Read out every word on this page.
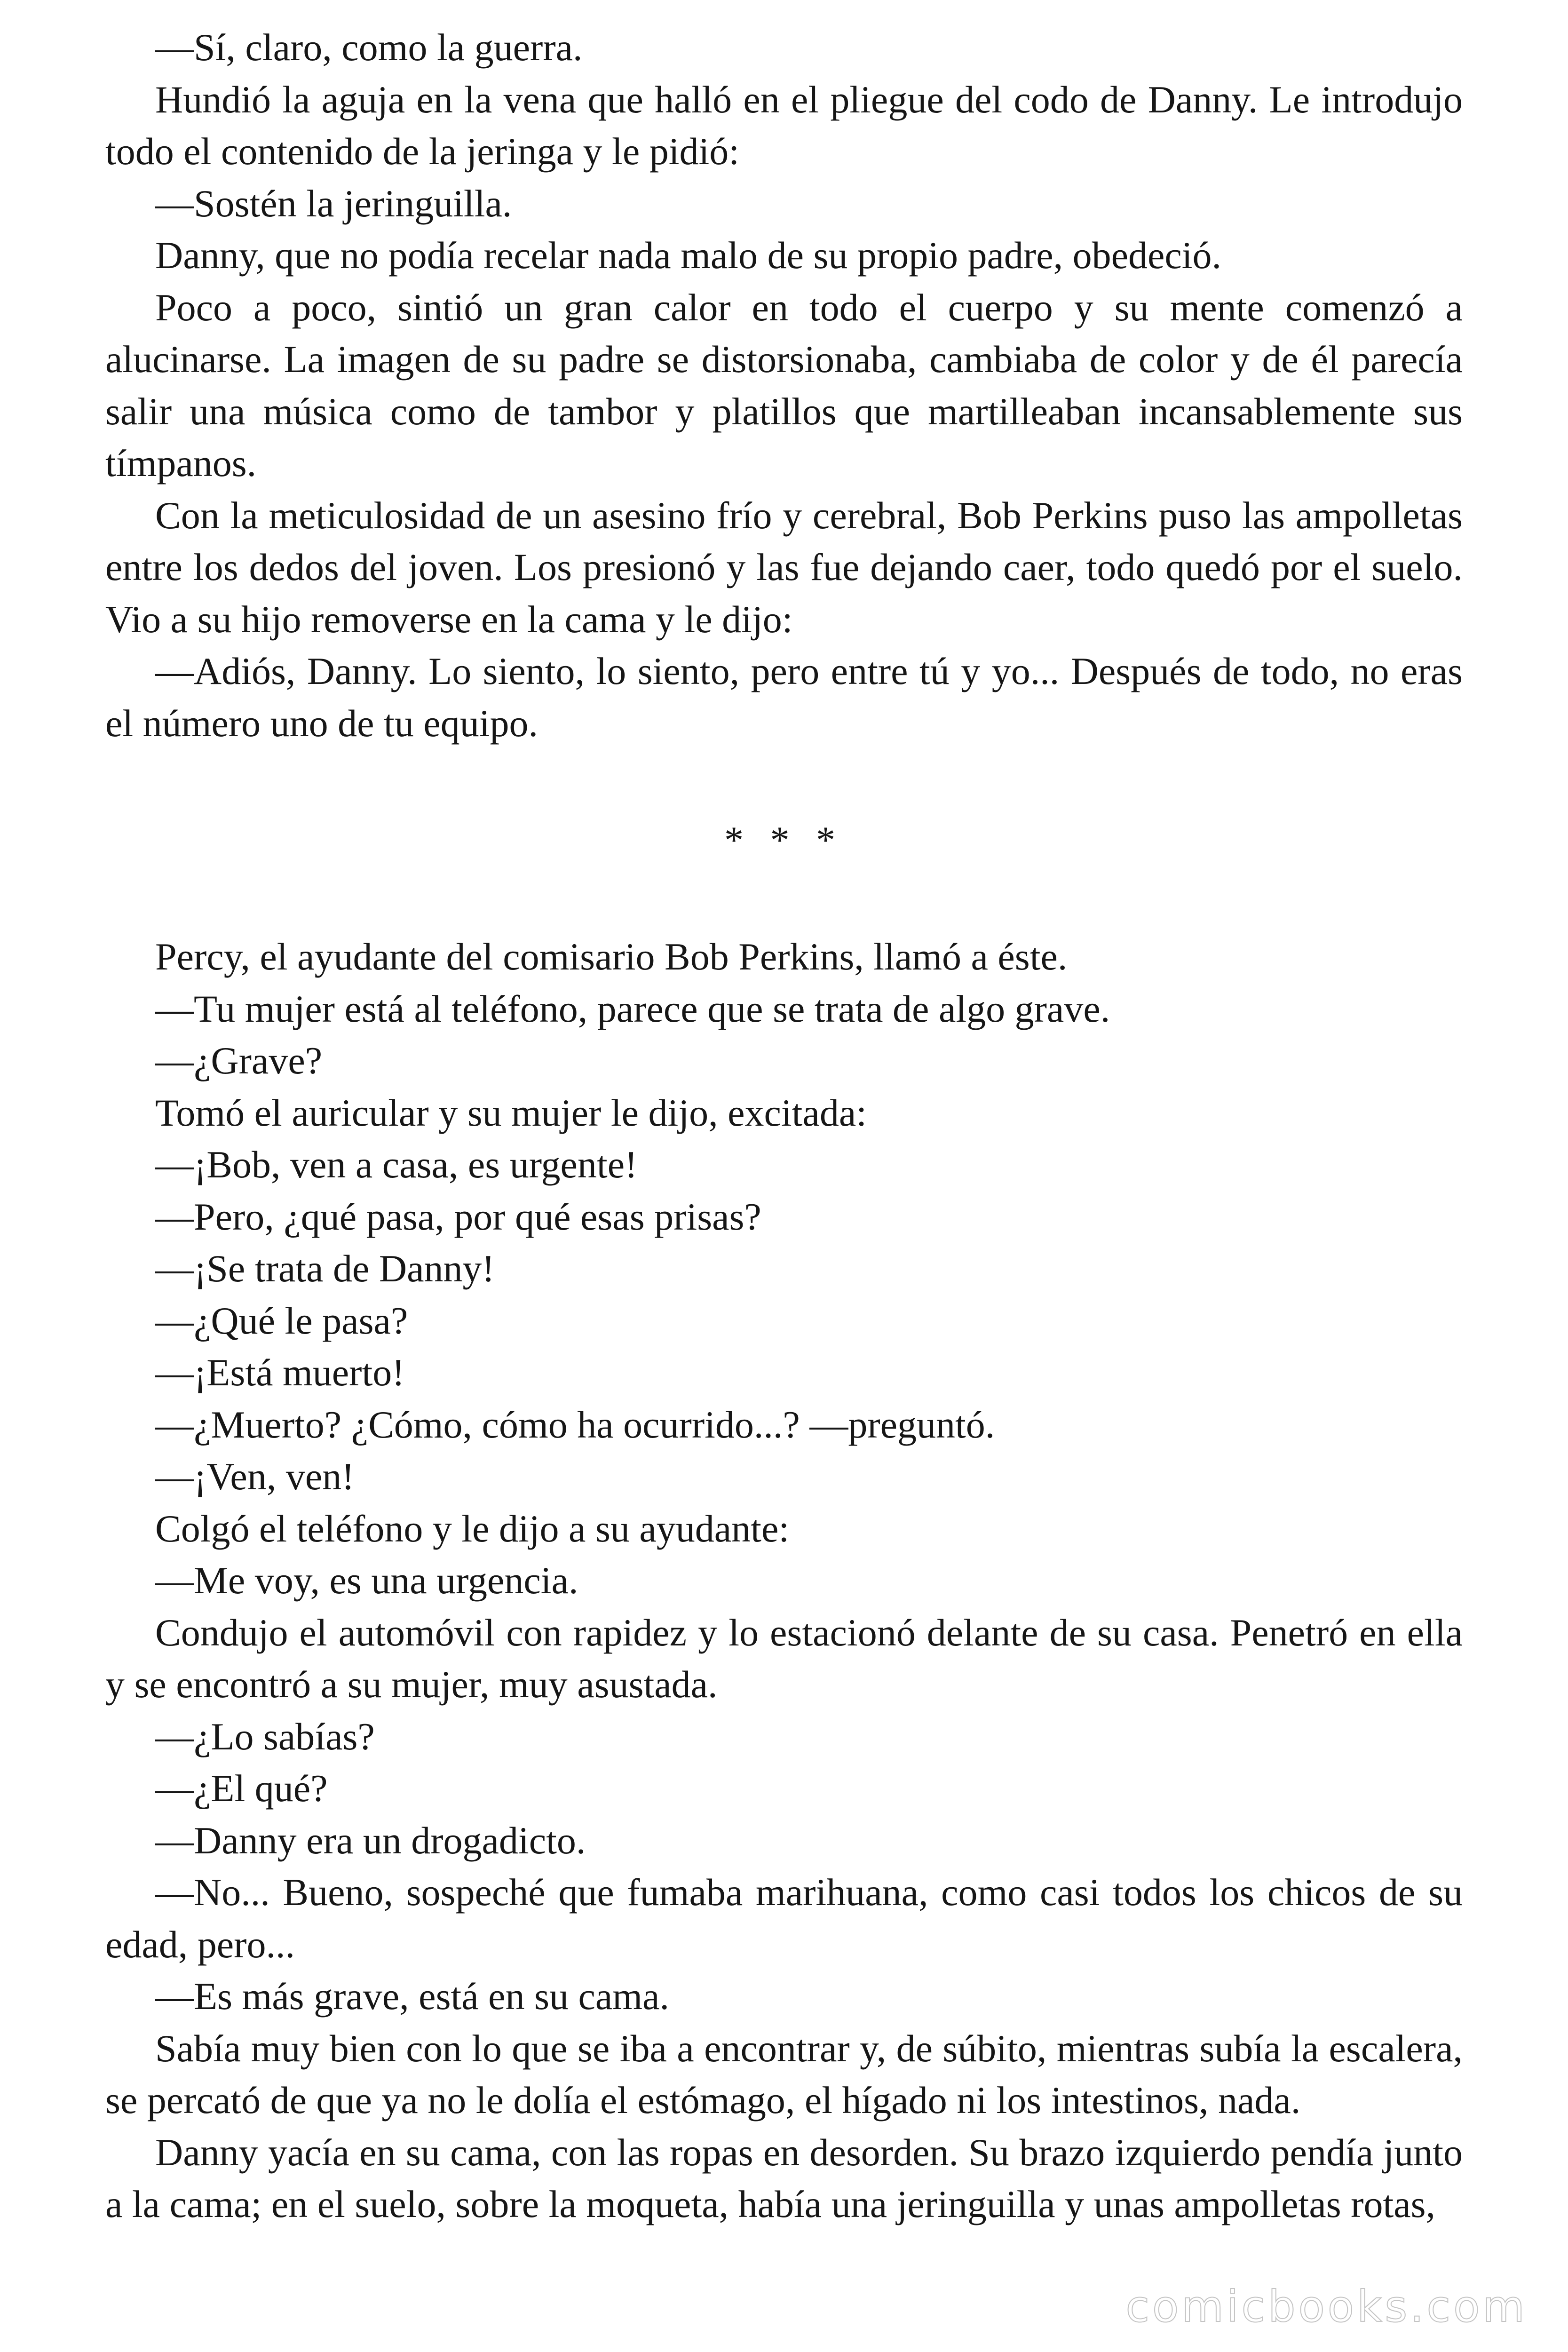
—Sí, claro, como la guerra.

Hundió la aguja en la vena que halló en el pliegue del codo de Danny. Le introdujo todo el contenido de la jeringa y le pidió:

—Sostén la jeringuilla.

Danny, que no podía recelar nada malo de su propio padre, obedeció.

Poco a poco, sintió un gran calor en todo el cuerpo y su mente comenzó a alucinarse. La imagen de su padre se distorsionaba, cambiaba de color y de él parecía salir una música como de tambor y platillos que martilleaban incansablemente sus tímpanos.

Con la meticulosidad de un asesino frío y cerebral, Bob Perkins puso las ampolletas entre los dedos del joven. Los presionó y las fue dejando caer, todo quedó por el suelo. Vio a su hijo removerse en la cama y le dijo:

—Adiós, Danny. Lo siento, lo siento, pero entre tú y yo... Después de todo, no eras el número uno de tu equipo.

* * *

Percy, el ayudante del comisario Bob Perkins, llamó a éste.

—Tu mujer está al teléfono, parece que se trata de algo grave.

—¿Grave?

Tomó el auricular y su mujer le dijo, excitada:

—¡Bob, ven a casa, es urgente!

—Pero, ¿qué pasa, por qué esas prisas?

—¡Se trata de Danny!

—¿Qué le pasa?

—¡Está muerto!

—¿Muerto? ¿Cómo, cómo ha ocurrido...? —preguntó.

—¡Ven, ven!

Colgó el teléfono y le dijo a su ayudante:

—Me voy, es una urgencia.

Condujo el automóvil con rapidez y lo estacionó delante de su casa. Penetró en ella y se encontró a su mujer, muy asustada.

—¿Lo sabías?

—¿El qué?

—Danny era un drogadicto.

—No... Bueno, sospeché que fumaba marihuana, como casi todos los chicos de su edad, pero...

—Es más grave, está en su cama.

Sabía muy bien con lo que se iba a encontrar y, de súbito, mientras subía la escalera, se percató de que ya no le dolía el estómago, el hígado ni los intestinos, nada.

Danny yacía en su cama, con las ropas en desorden. Su brazo izquierdo pendía junto a la cama; en el suelo, sobre la moqueta, había una jeringuilla y unas ampolletas rotas,

comicbooks.com
